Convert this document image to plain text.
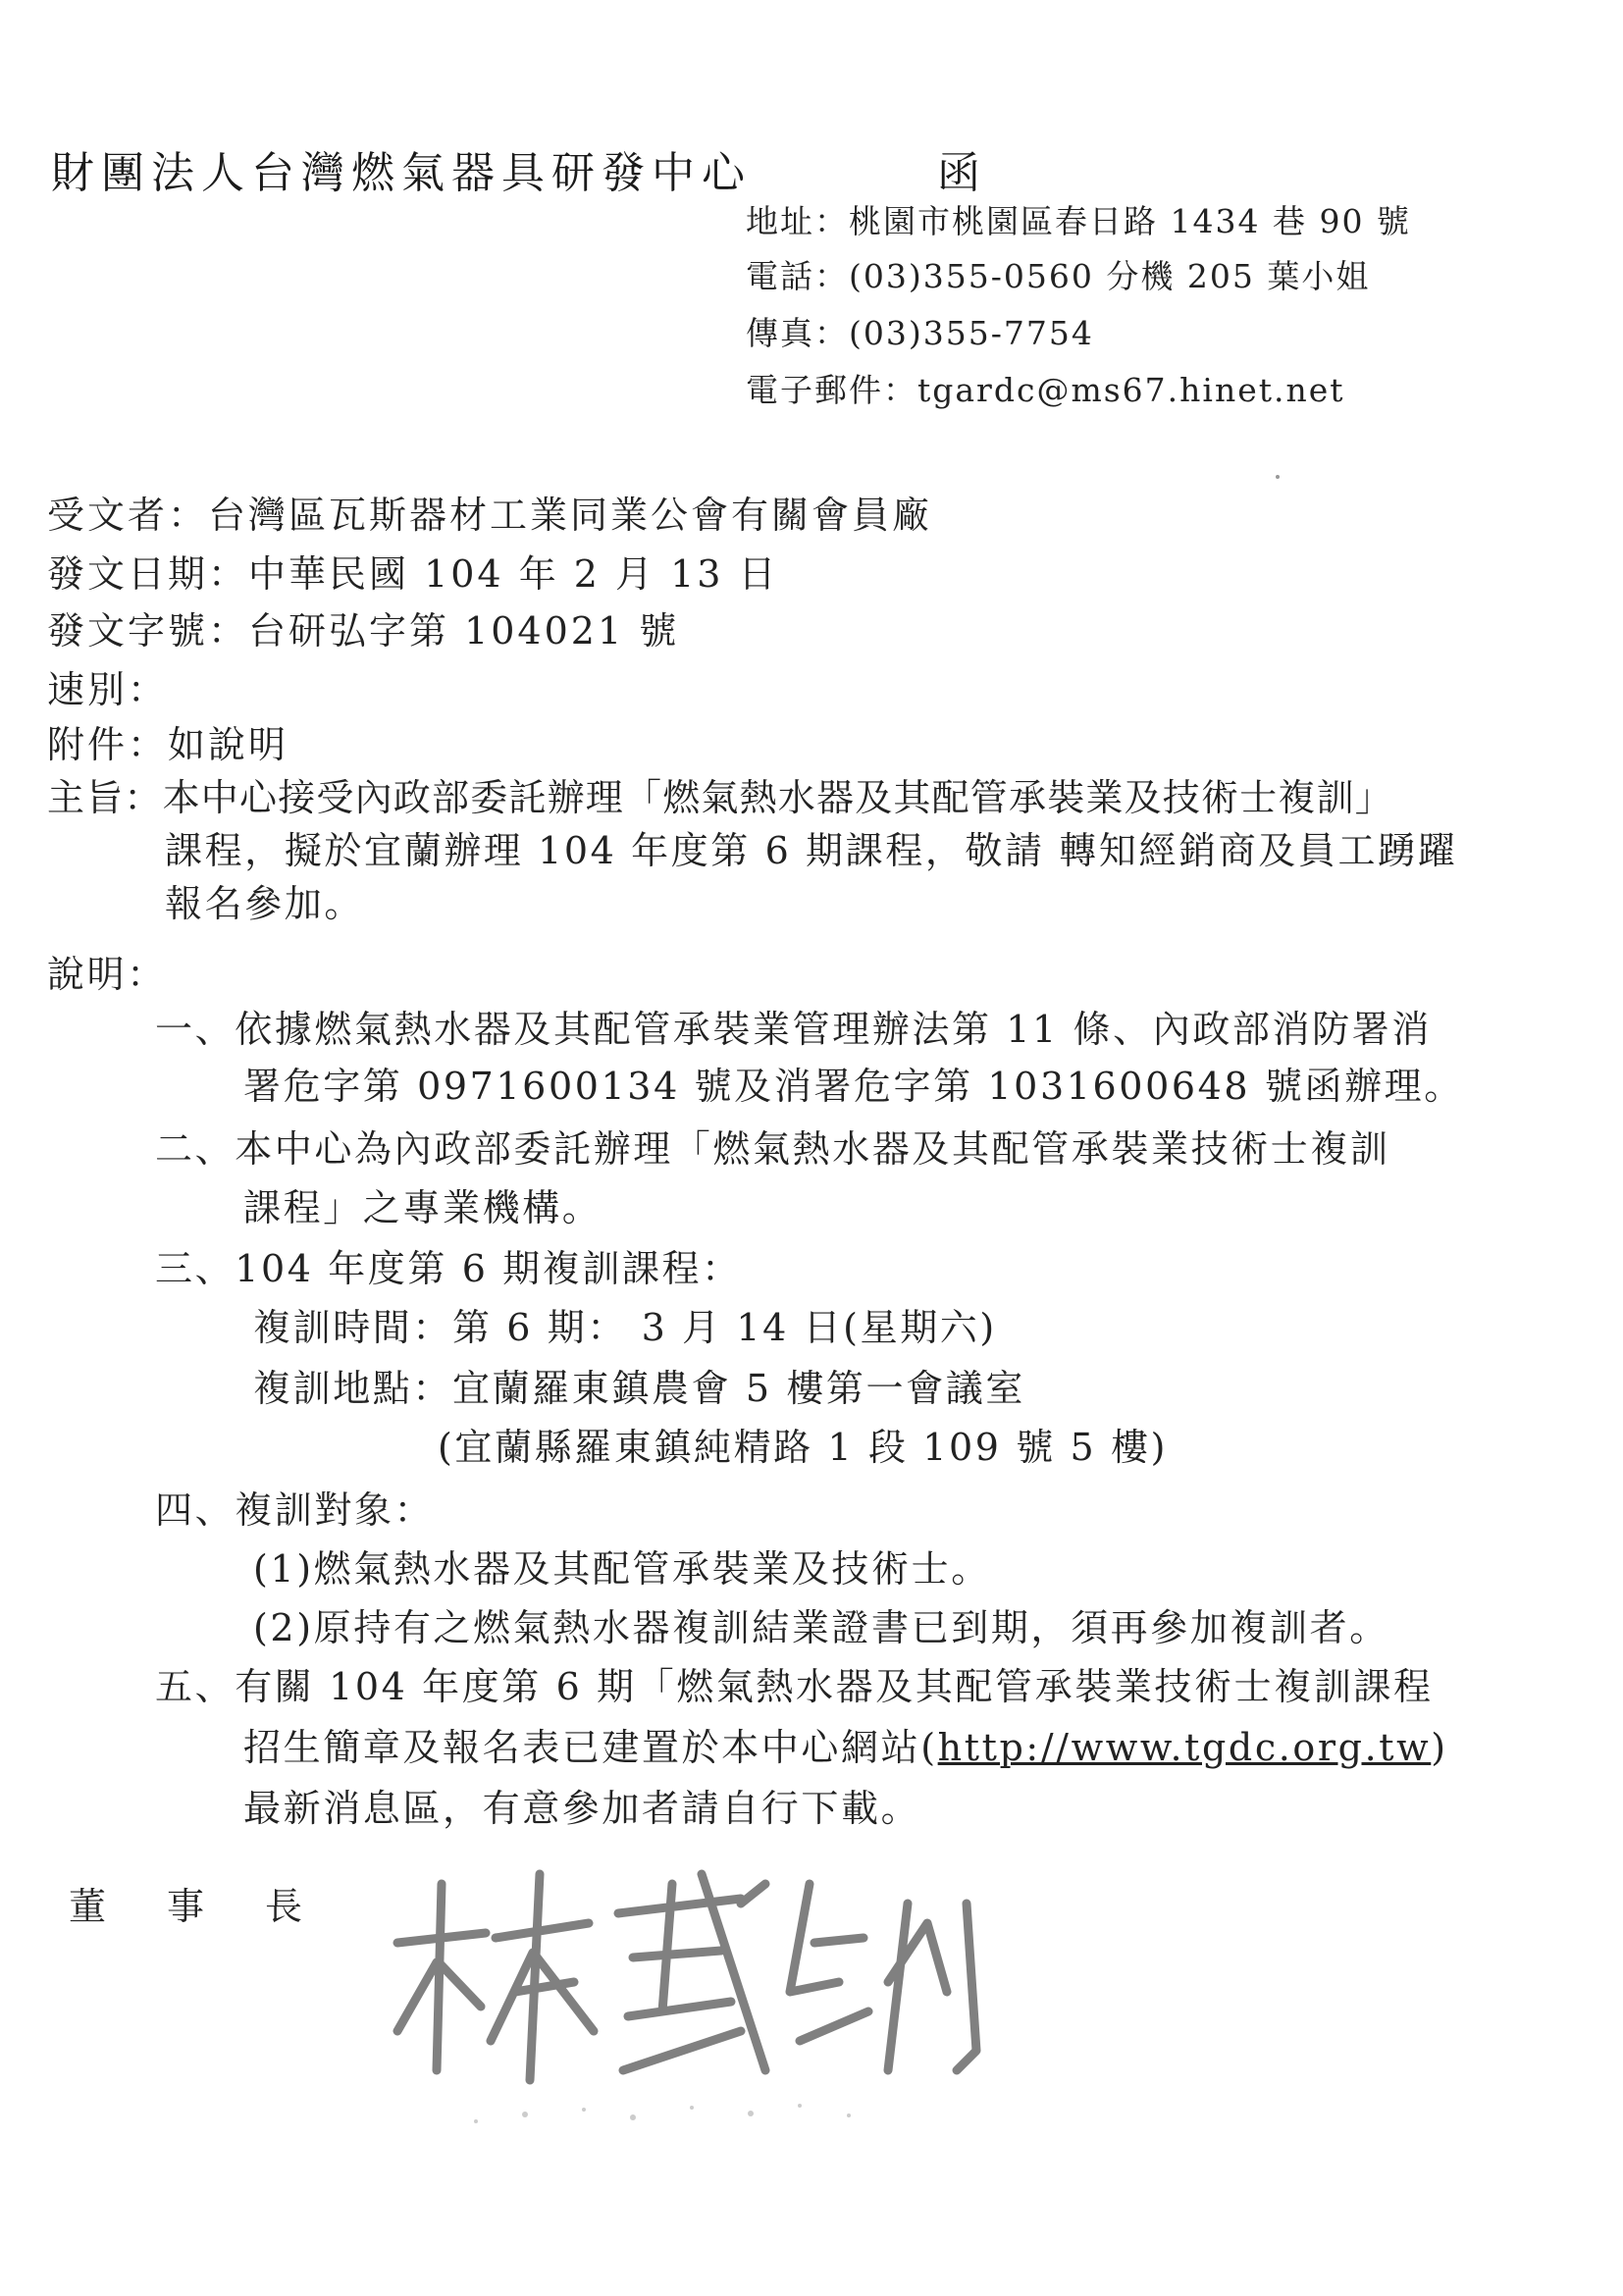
財團法人台灣燃氣器具研發中心	函
地址：桃園市桃園區春日路 1434 巷 90 號
電話：(03)355-0560 分機 205 葉小姐
傳真：(03)355-7754
電子郵件：tgardc@ms67.hinet.net
受文者：台灣區瓦斯器材工業同業公會有關會員廠
發文日期：中華民國 104 年 2 月 13 日
發文字號：台研弘字第 104021 號
速別：
附件：如說明
主旨：本中心接受內政部委託辦理「燃氣熱水器及其配管承裝業及技術士複訓」
課程，擬於宜蘭辦理 104 年度第 6 期課程，敬請 轉知經銷商及員工踴躍
報名參加。
說明：
一、依據燃氣熱水器及其配管承裝業管理辦法第 11 條、內政部消防署消
署危字第 0971600134 號及消署危字第 1031600648 號函辦理。
二、本中心為內政部委託辦理「燃氣熱水器及其配管承裝業技術士複訓
課程」之專業機構。
三、104 年度第 6 期複訓課程：
複訓時間：第 6 期： 3 月 14 日(星期六)
複訓地點：宜蘭羅東鎮農會 5 樓第一會議室
(宜蘭縣羅東鎮純精路 1 段 109 號 5 樓)
四、複訓對象：
(1)燃氣熱水器及其配管承裝業及技術士。
(2)原持有之燃氣熱水器複訓結業證書已到期，須再參加複訓者。
五、有關 104 年度第 6 期「燃氣熱水器及其配管承裝業技術士複訓課程
招生簡章及報名表已建置於本中心網站(http://www.tgdc.org.tw)
最新消息區，有意參加者請自行下載。
董 事 長
